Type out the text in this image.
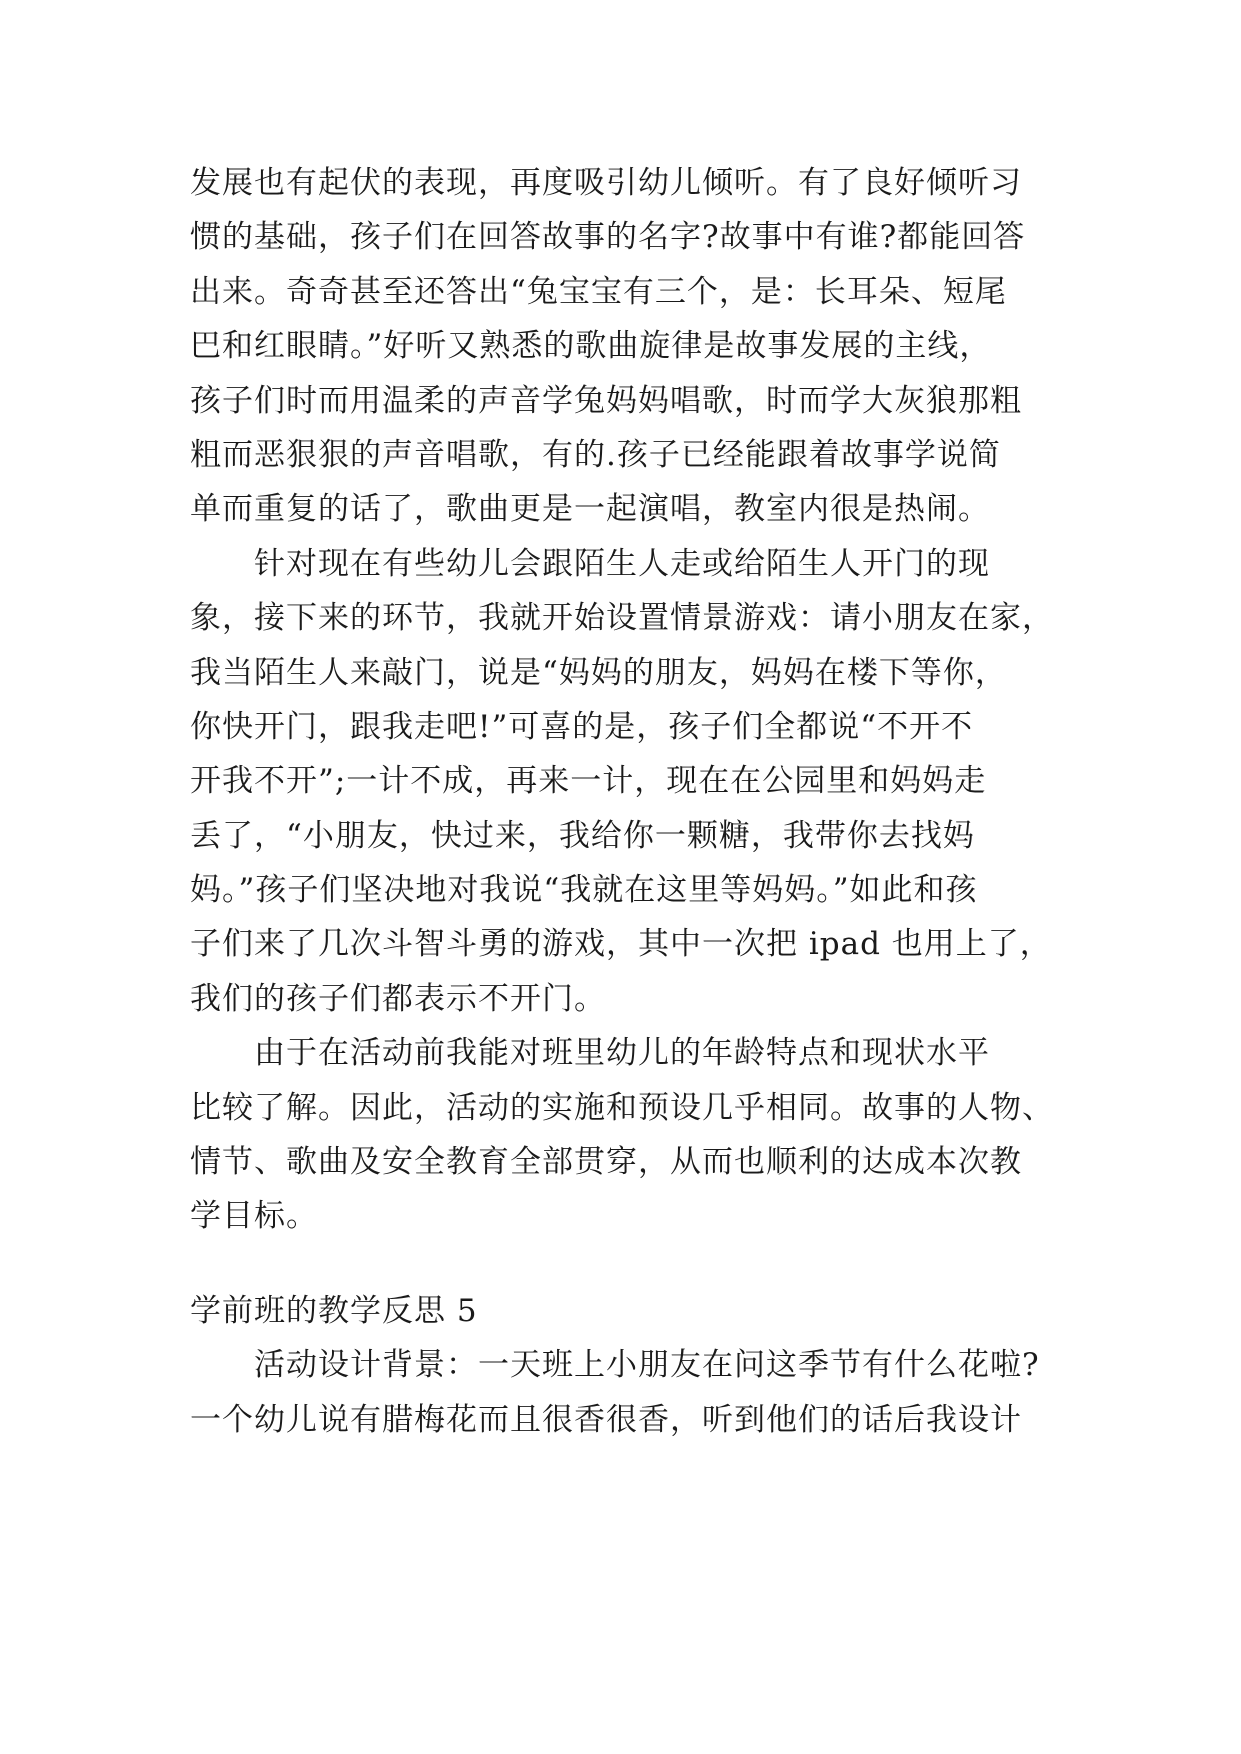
发展也有起伏的表现，再度吸引幼儿倾听。有了良好倾听习
惯的基础，孩子们在回答故事的名字?故事中有谁?都能回答
出来。奇奇甚至还答出“兔宝宝有三个，是：长耳朵、短尾
巴和红眼睛。”好听又熟悉的歌曲旋律是故事发展的主线，
孩子们时而用温柔的声音学兔妈妈唱歌，时而学大灰狼那粗
粗而恶狠狠的声音唱歌，有的.孩子已经能跟着故事学说简
单而重复的话了，歌曲更是一起演唱，教室内很是热闹。
针对现在有些幼儿会跟陌生人走或给陌生人开门的现
象，接下来的环节，我就开始设置情景游戏：请小朋友在家，
我当陌生人来敲门，说是“妈妈的朋友，妈妈在楼下等你，
你快开门，跟我走吧!”可喜的是，孩子们全都说“不开不
开我不开”;一计不成，再来一计，现在在公园里和妈妈走
丢了，“小朋友，快过来，我给你一颗糖，我带你去找妈
妈。”孩子们坚决地对我说“我就在这里等妈妈。”如此和孩
子们来了几次斗智斗勇的游戏，其中一次把 ipad 也用上了，
我们的孩子们都表示不开门。
由于在活动前我能对班里幼儿的年龄特点和现状水平
比较了解。因此，活动的实施和预设几乎相同。故事的人物、
情节、歌曲及安全教育全部贯穿，从而也顺利的达成本次教
学目标。
学前班的教学反思 5
活动设计背景：一天班上小朋友在问这季节有什么花啦?
一个幼儿说有腊梅花而且很香很香，听到他们的话后我设计
